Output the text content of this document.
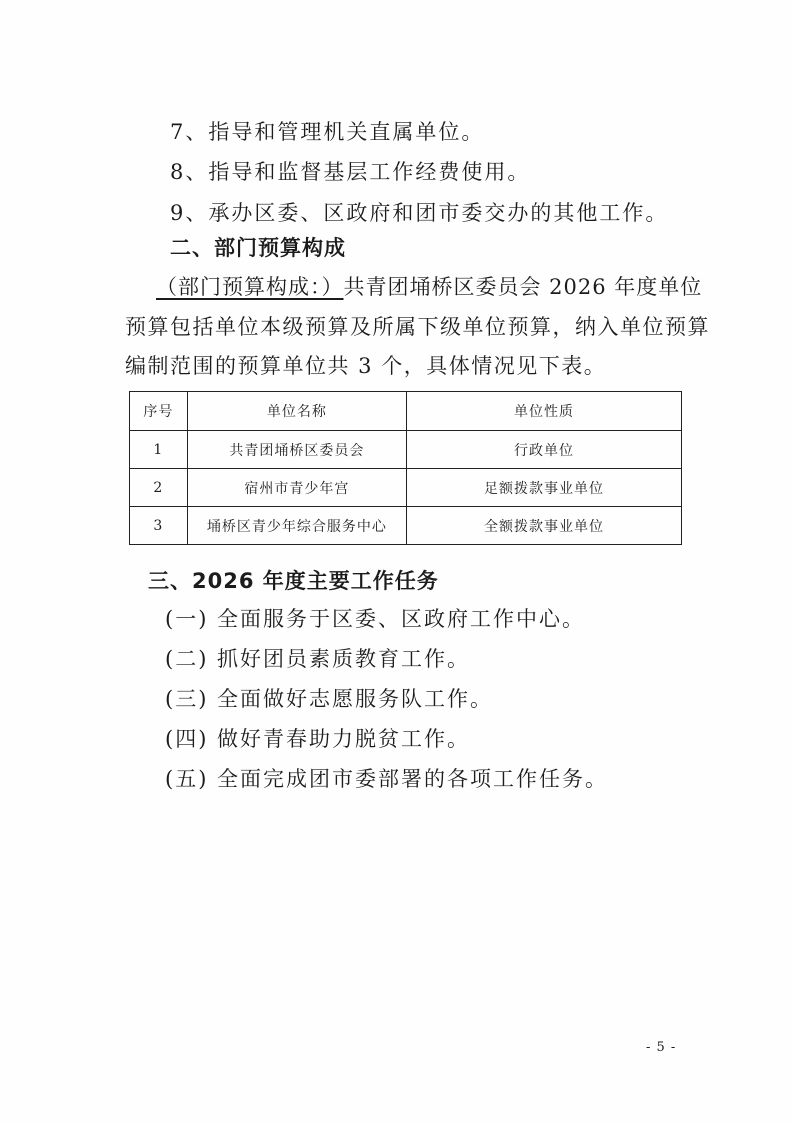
7、指导和管理机关直属单位。
8、指导和监督基层工作经费使用。
9、承办区委、区政府和团市委交办的其他工作。
二、部门预算构成
（部门预算构成：）共青团埇桥区委员会 2026 年度单位
预算包括单位本级预算及所属下级单位预算，纳入单位预算
编制范围的预算单位共 3 个，具体情况见下表。
序号	单位名称	单位性质
1	共青团埇桥区委员会	行政单位
2	宿州市青少年宫	足额拨款事业单位
3	埇桥区青少年综合服务中心	全额拨款事业单位
三、2026 年度主要工作任务
(一) 全面服务于区委、区政府工作中心。
(二) 抓好团员素质教育工作。
(三) 全面做好志愿服务队工作。
(四) 做好青春助力脱贫工作。
(五) 全面完成团市委部署的各项工作任务。
- 5 -
